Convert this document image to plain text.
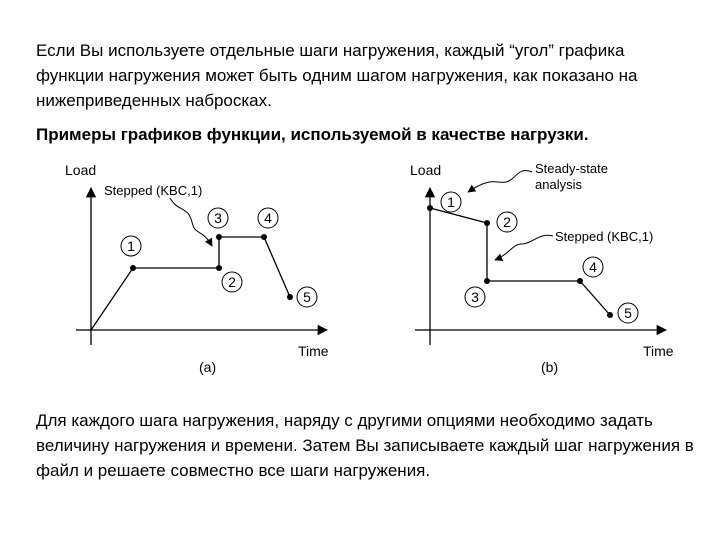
Если Вы используете отдельные шаги нагружения, каждый “угол” графика функции нагружения может быть одним шагом нагружения, как показано на нижеприведенных набросках.
Примеры графиков функции, используемой в качестве нагрузки.
Load
Time
(a)
1
2
3	4
5
Stepped (KBC,1)
Load
Time
(b)
1
2
3
4
5
Steady-state
analysis
Stepped (KBC,1)
Для каждого шага нагружения, наряду с другими опциями необходимо задать величину нагружения и времени. Затем Вы записываете каждый шаг нагружения в файл и решаете совместно все шаги нагружения.
